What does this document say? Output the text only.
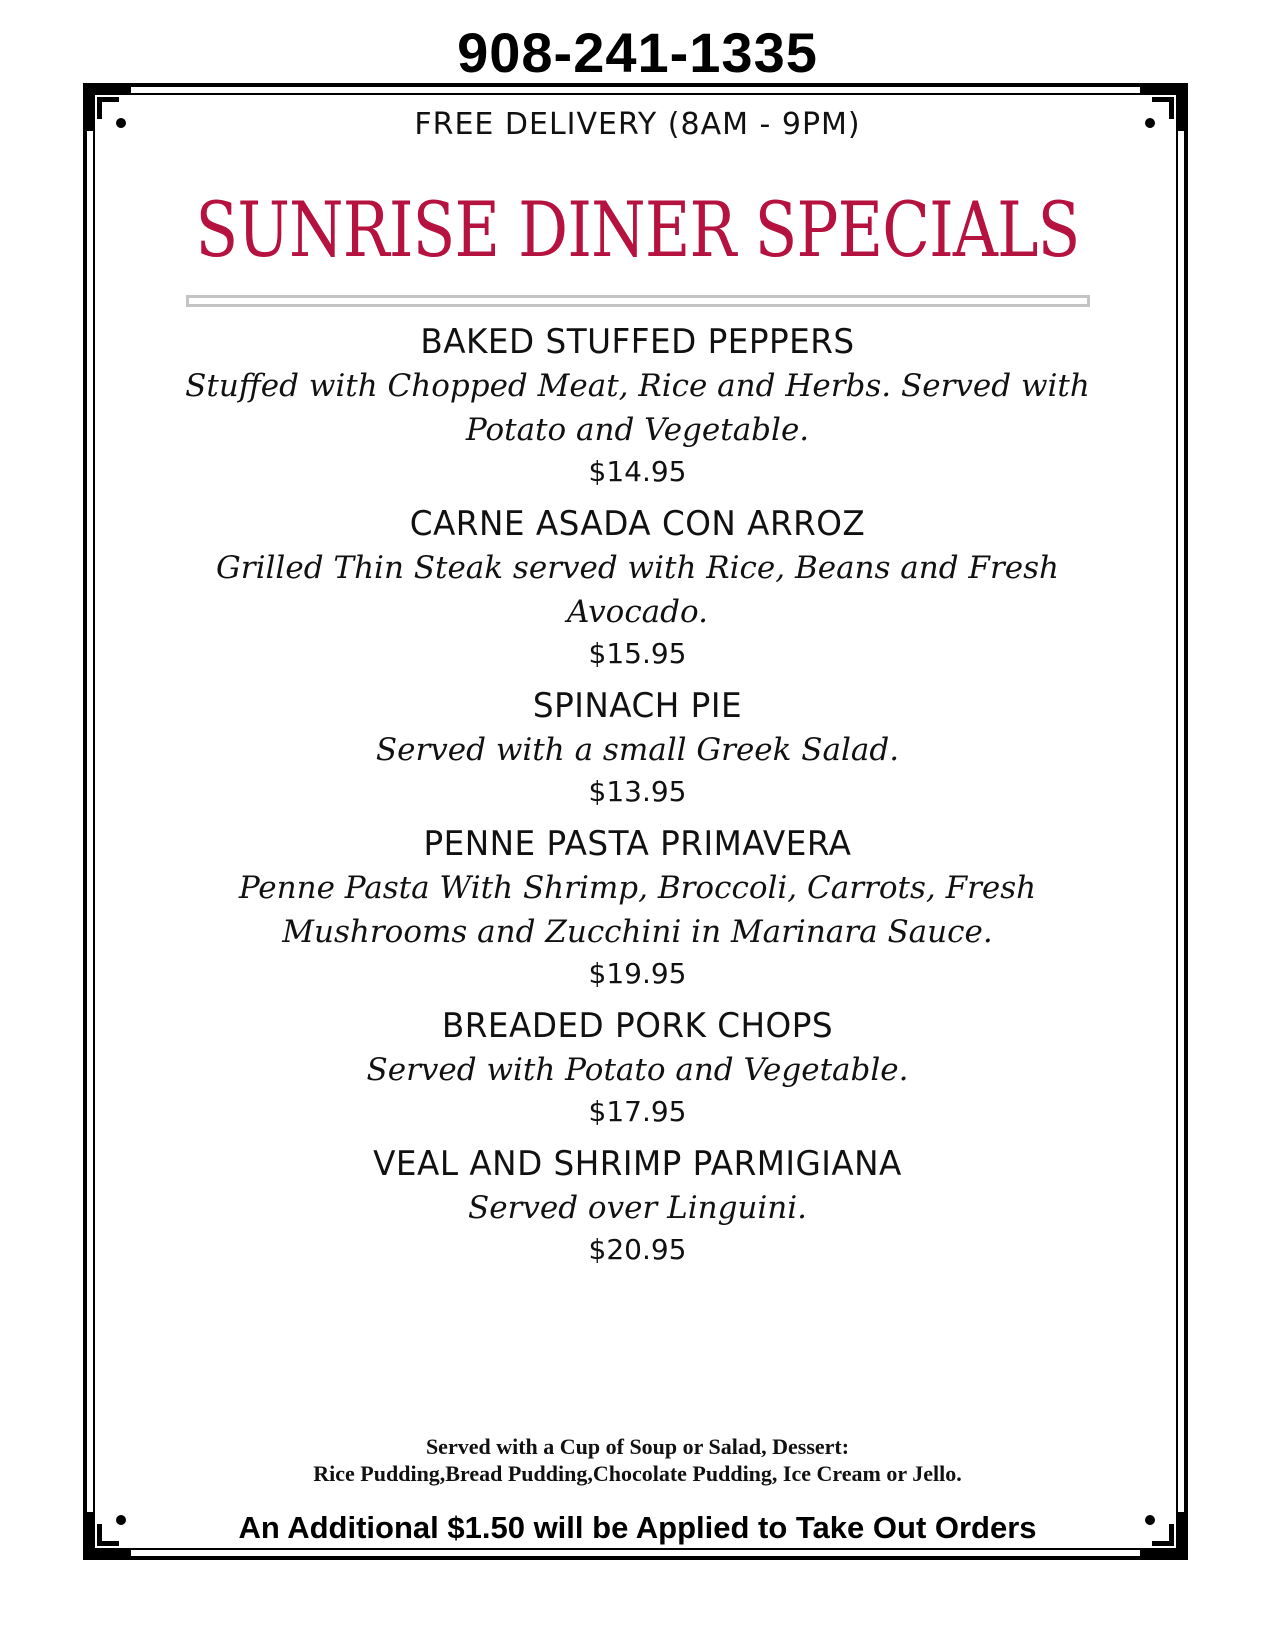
908-241-1335
FREE DELIVERY (8AM - 9PM)
SUNRISE DINER SPECIALS
BAKED STUFFED PEPPERS
Stuffed with Chopped Meat, Rice and Herbs. Served with
Potato and Vegetable.
$14.95
CARNE ASADA CON ARROZ
Grilled Thin Steak served with Rice, Beans and Fresh
Avocado.
$15.95
SPINACH PIE
Served with a small Greek Salad.
$13.95
PENNE PASTA PRIMAVERA
Penne Pasta With Shrimp, Broccoli, Carrots, Fresh
Mushrooms and Zucchini in Marinara Sauce.
$19.95
BREADED PORK CHOPS
Served with Potato and Vegetable.
$17.95
VEAL AND SHRIMP PARMIGIANA
Served over Linguini.
$20.95
Served with a Cup of Soup or Salad, Dessert:
Rice Pudding,Bread Pudding,Chocolate Pudding, Ice Cream or Jello.
An Additional $1.50 will be Applied to Take Out Orders
